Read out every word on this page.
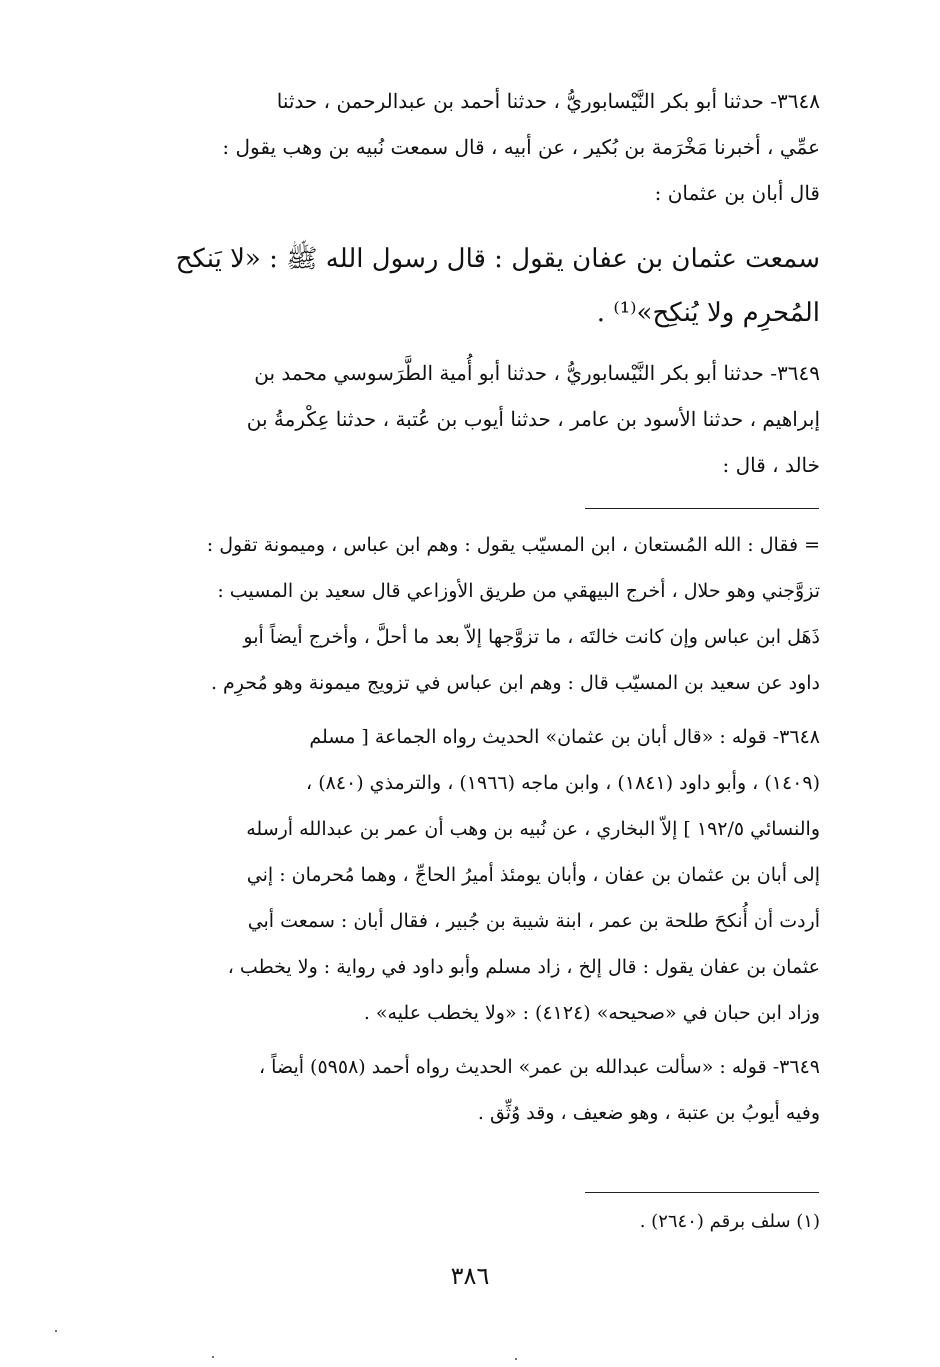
٣٦٤٨- حدثنا أبو بكر النَّيْسابوريُّ ، حدثنا أحمد بن عبدالرحمن ، حدثنا
عمِّي ، أخبرنا مَخْرَمة بن بُكير ، عن أبيه ، قال سمعت نُبيه بن وهب يقول :
قال أبان بن عثمان :
سمعت عثمان بن عفان يقول : قال رسول الله ﷺ : «لا يَنكح
المُحرِم ولا يُنكِح»⁽¹⁾ .
٣٦٤٩- حدثنا أبو بكر النَّيْسابوريُّ ، حدثنا أبو أُمية الطَّرَسوسي محمد بن
إبراهيم ، حدثنا الأسود بن عامر ، حدثنا أيوب بن عُتبة ، حدثنا عِكْرمةُ بن
خالد ، قال :
= فقال : الله المُستعان ، ابن المسيّب يقول : وهم ابن عباس ، وميمونة تقول :
تزوَّجني وهو حلال ، أخرج البيهقي من طريق الأوزاعي قال سعيد بن المسيب :
ذَهَل ابن عباس وإن كانت خالتَه ، ما تزوَّجها إلاّ بعد ما أحلَّ ، وأخرج أيضاً أبو
داود عن سعيد بن المسيّب قال : وهم ابن عباس في تزويج ميمونة وهو مُحرِم .
٣٦٤٨- قوله : «قال أبان بن عثمان» الحديث رواه الجماعة [ مسلم
(١٤٠٩) ، وأبو داود (١٨٤١) ، وابن ماجه (١٩٦٦) ، والترمذي (٨٤٠) ،
والنسائي ١٩٢/٥ ] إلاّ البخاري ، عن نُبيه بن وهب أن عمر بن عبدالله أرسله
إلى أبان بن عثمان بن عفان ، وأبان يومئذ أميرُ الحاجِّ ، وهما مُحرمان : إني
أردت أن أُنكحَ طلحة بن عمر ، ابنة شيبة بن جُبير ، فقال أبان : سمعت أبي
عثمان بن عفان يقول : قال إلخ ، زاد مسلم وأبو داود في رواية : ولا يخطب ،
وزاد ابن حبان في «صحيحه» (٤١٢٤) : «ولا يخطب عليه» .
٣٦٤٩- قوله : «سألت عبدالله بن عمر» الحديث رواه أحمد (٥٩٥٨) أيضاً ،
وفيه أيوبُ بن عتبة ، وهو ضعيف ، وقد وُثِّق .
(١) سلف برقم (٢٦٤٠) .
٣٨٦
